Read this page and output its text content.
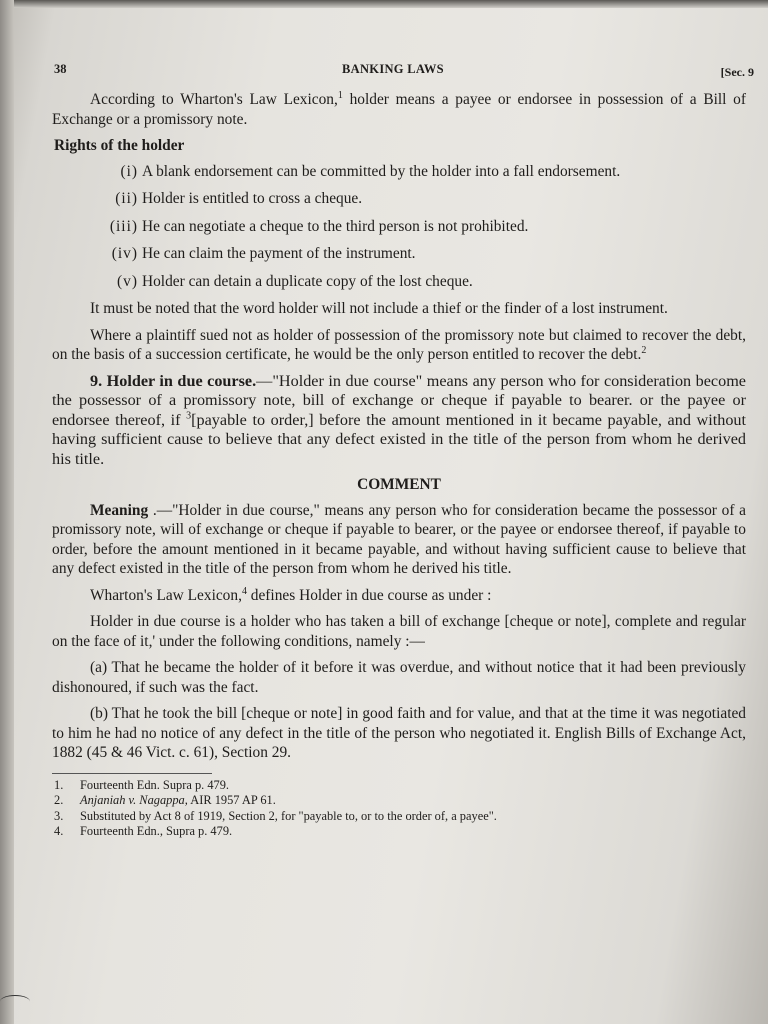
38	BANKING LAWS	[Sec. 9

According to Wharton's Law Lexicon,$^1$ holder means a payee or endorsee in possession of a Bill of Exchange or a promissory note.

Rights of the holder

(i) A blank endorsement can be committed by the holder into a fall endorsement.
(ii) Holder is entitled to cross a cheque.
(iii) He can negotiate a cheque to the third person is not prohibited.
(iv) He can claim the payment of the instrument.
(v) Holder can detain a duplicate copy of the lost cheque.

It must be noted that the word holder will not include a thief or the finder of a lost instrument.

Where a plaintiff sued not as holder of possession of the promissory note but claimed to recover the debt, on the basis of a succession certificate, he would be the only person entitled to recover the debt.$^2$

9. Holder in due course.—"Holder in due course" means any person who for consideration become the possessor of a promissory note, bill of exchange or cheque if payable to bearer. or the payee or endorsee thereof, if $^3$[payable to order,] before the amount mentioned in it became payable, and without having sufficient cause to believe that any defect existed in the title of the person from whom he derived his title.

COMMENT

Meaning .—"Holder in due course," means any person who for consideration became the possessor of a promissory note, will of exchange or cheque if payable to bearer, or the payee or endorsee thereof, if payable to order, before the amount mentioned in it became payable, and without having sufficient cause to believe that any defect existed in the title of the person from whom he derived his title.

Wharton's Law Lexicon,$^4$ defines Holder in due course as under :

Holder in due course is a holder who has taken a bill of exchange [cheque or note], complete and regular on the face of it,' under the following conditions, namely :—

(a) That he became the holder of it before it was overdue, and without notice that it had been previously dishonoured, if such was the fact.

(b) That he took the bill [cheque or note] in good faith and for value, and that at the time it was negotiated to him he had no notice of any defect in the title of the person who negotiated it. English Bills of Exchange Act, 1882 (45 & 46 Vict. c. 61), Section 29.

1. Fourteenth Edn. Supra p. 479.
2. Anjaniah v. Nagappa, AIR 1957 AP 61.
3. Substituted by Act 8 of 1919, Section 2, for "payable to, or to the order of, a payee".
4. Fourteenth Edn., Supra p. 479.
